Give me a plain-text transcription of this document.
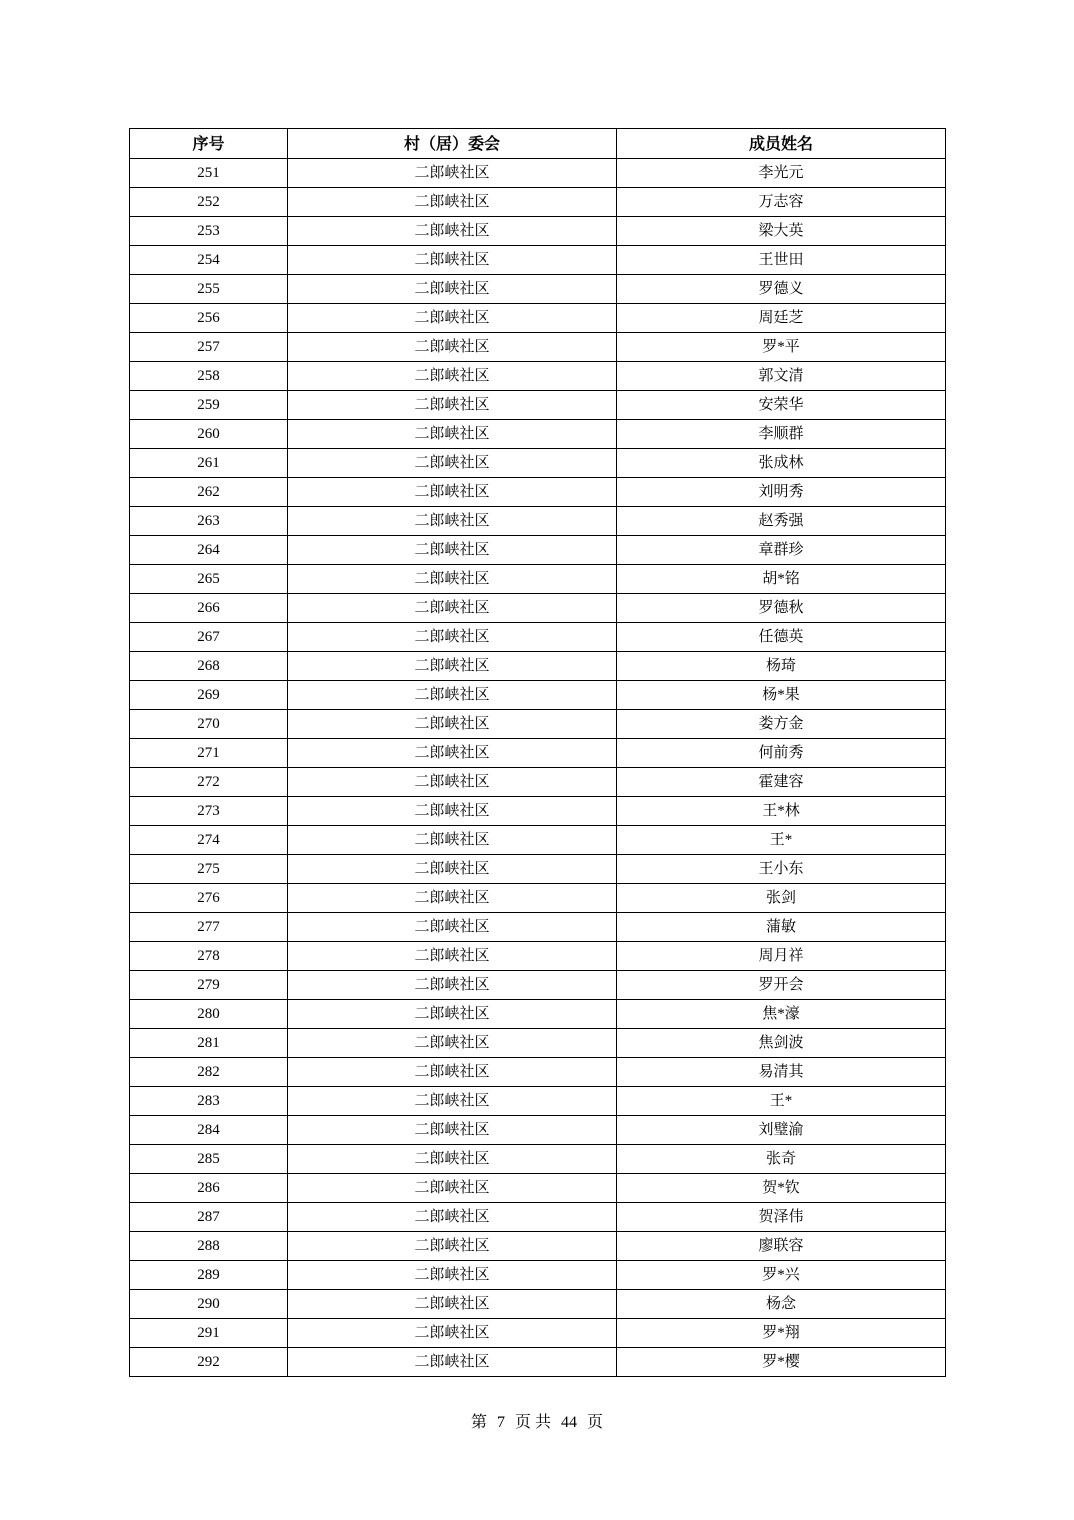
序号	村（居）委会	成员姓名
251	二郎峡社区	李光元
252	二郎峡社区	万志容
253	二郎峡社区	梁大英
254	二郎峡社区	王世田
255	二郎峡社区	罗德义
256	二郎峡社区	周廷芝
257	二郎峡社区	罗*平
258	二郎峡社区	郭文清
259	二郎峡社区	安荣华
260	二郎峡社区	李顺群
261	二郎峡社区	张成林
262	二郎峡社区	刘明秀
263	二郎峡社区	赵秀强
264	二郎峡社区	章群珍
265	二郎峡社区	胡*铭
266	二郎峡社区	罗德秋
267	二郎峡社区	任德英
268	二郎峡社区	杨琦
269	二郎峡社区	杨*果
270	二郎峡社区	娄方金
271	二郎峡社区	何前秀
272	二郎峡社区	霍建容
273	二郎峡社区	王*林
274	二郎峡社区	王*
275	二郎峡社区	王小东
276	二郎峡社区	张剑
277	二郎峡社区	蒲敏
278	二郎峡社区	周月祥
279	二郎峡社区	罗开会
280	二郎峡社区	焦*濠
281	二郎峡社区	焦剑波
282	二郎峡社区	易清其
283	二郎峡社区	王*
284	二郎峡社区	刘璧渝
285	二郎峡社区	张奇
286	二郎峡社区	贺*钦
287	二郎峡社区	贺泽伟
288	二郎峡社区	廖联容
289	二郎峡社区	罗*兴
290	二郎峡社区	杨念
291	二郎峡社区	罗*翔
292	二郎峡社区	罗*樱
第 7 页 共 44 页
